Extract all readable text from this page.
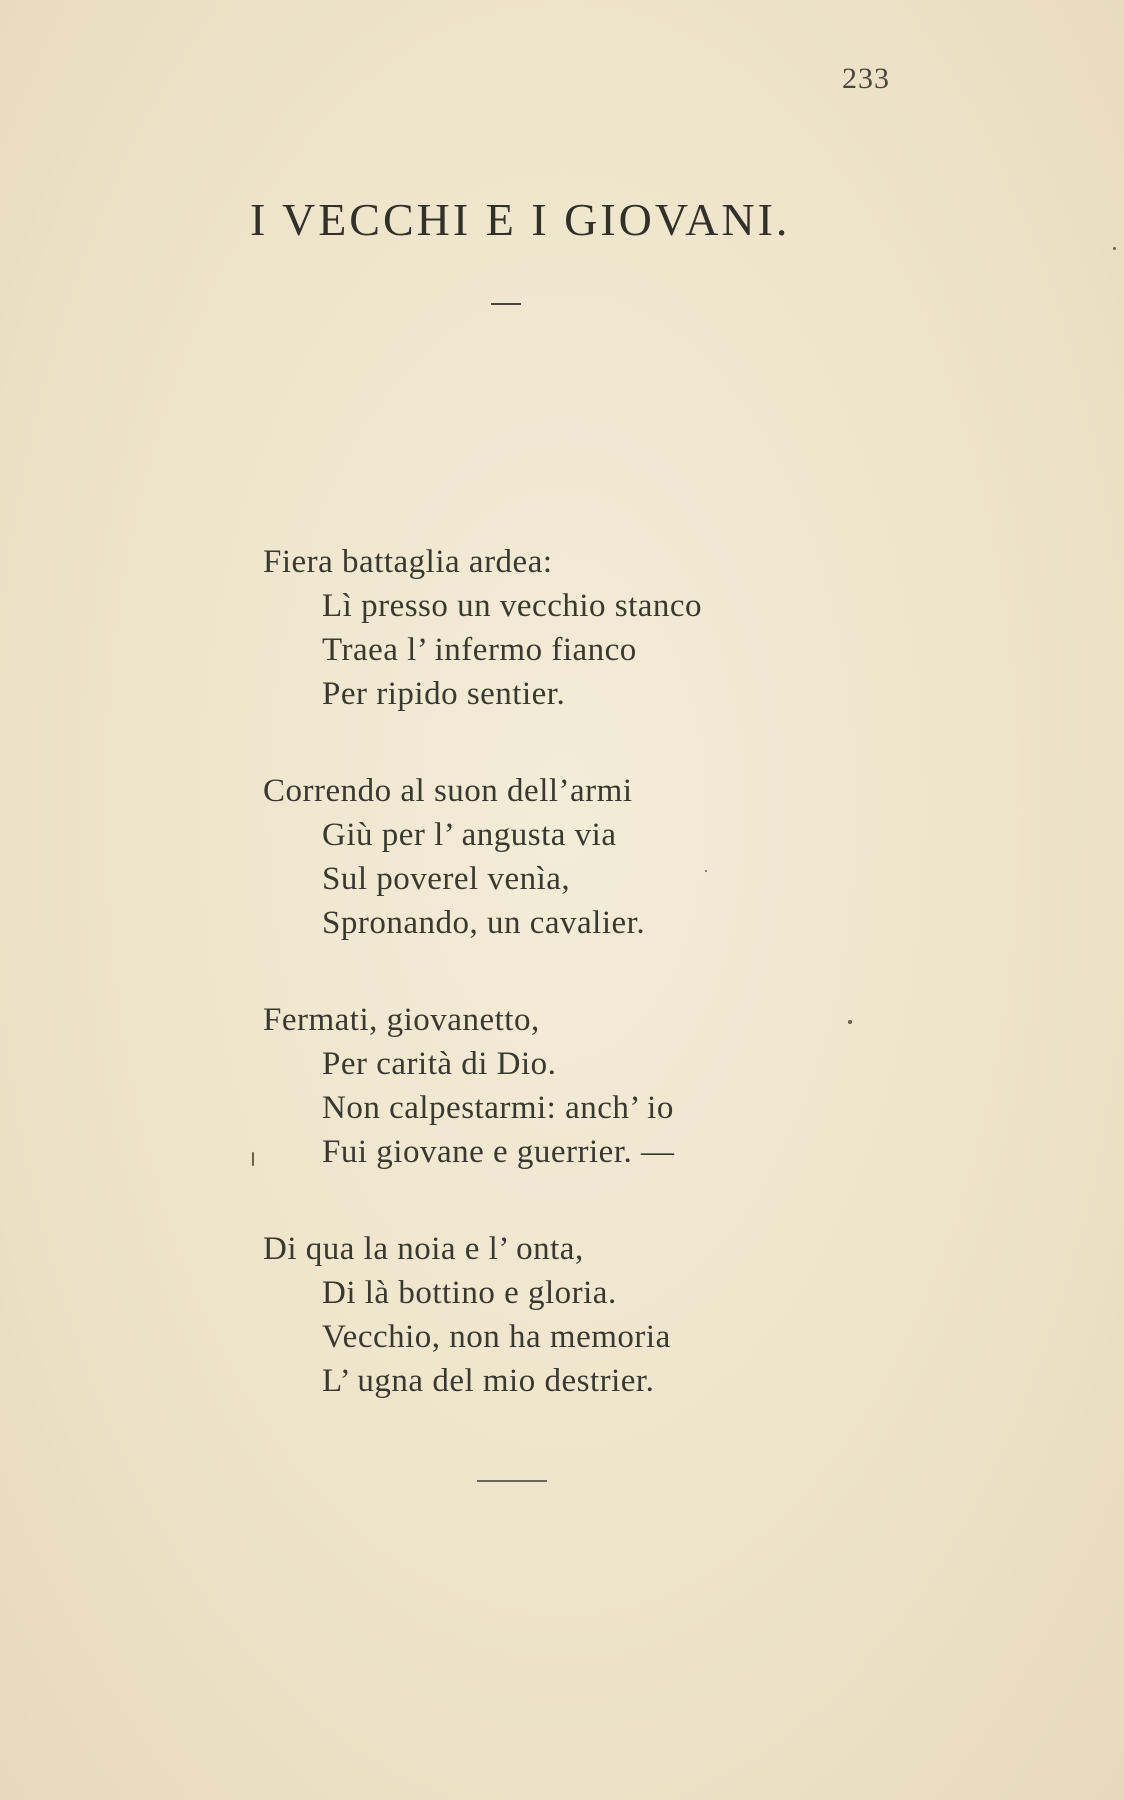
233
I VECCHI E I GIOVANI.
Fiera battaglia ardea:
Lì presso un vecchio stanco
Traea l’ infermo fianco
Per ripido sentier.
Correndo al suon dell’armi
Giù per l’ angusta via
Sul poverel venìa,
Spronando, un cavalier.
Fermati, giovanetto,
Per carità di Dio.
Non calpestarmi: anch’ io
Fui giovane e guerrier. —
Di qua la noia e l’ onta,
Di là bottino e gloria.
Vecchio, non ha memoria
L’ ugna del mio destrier.
